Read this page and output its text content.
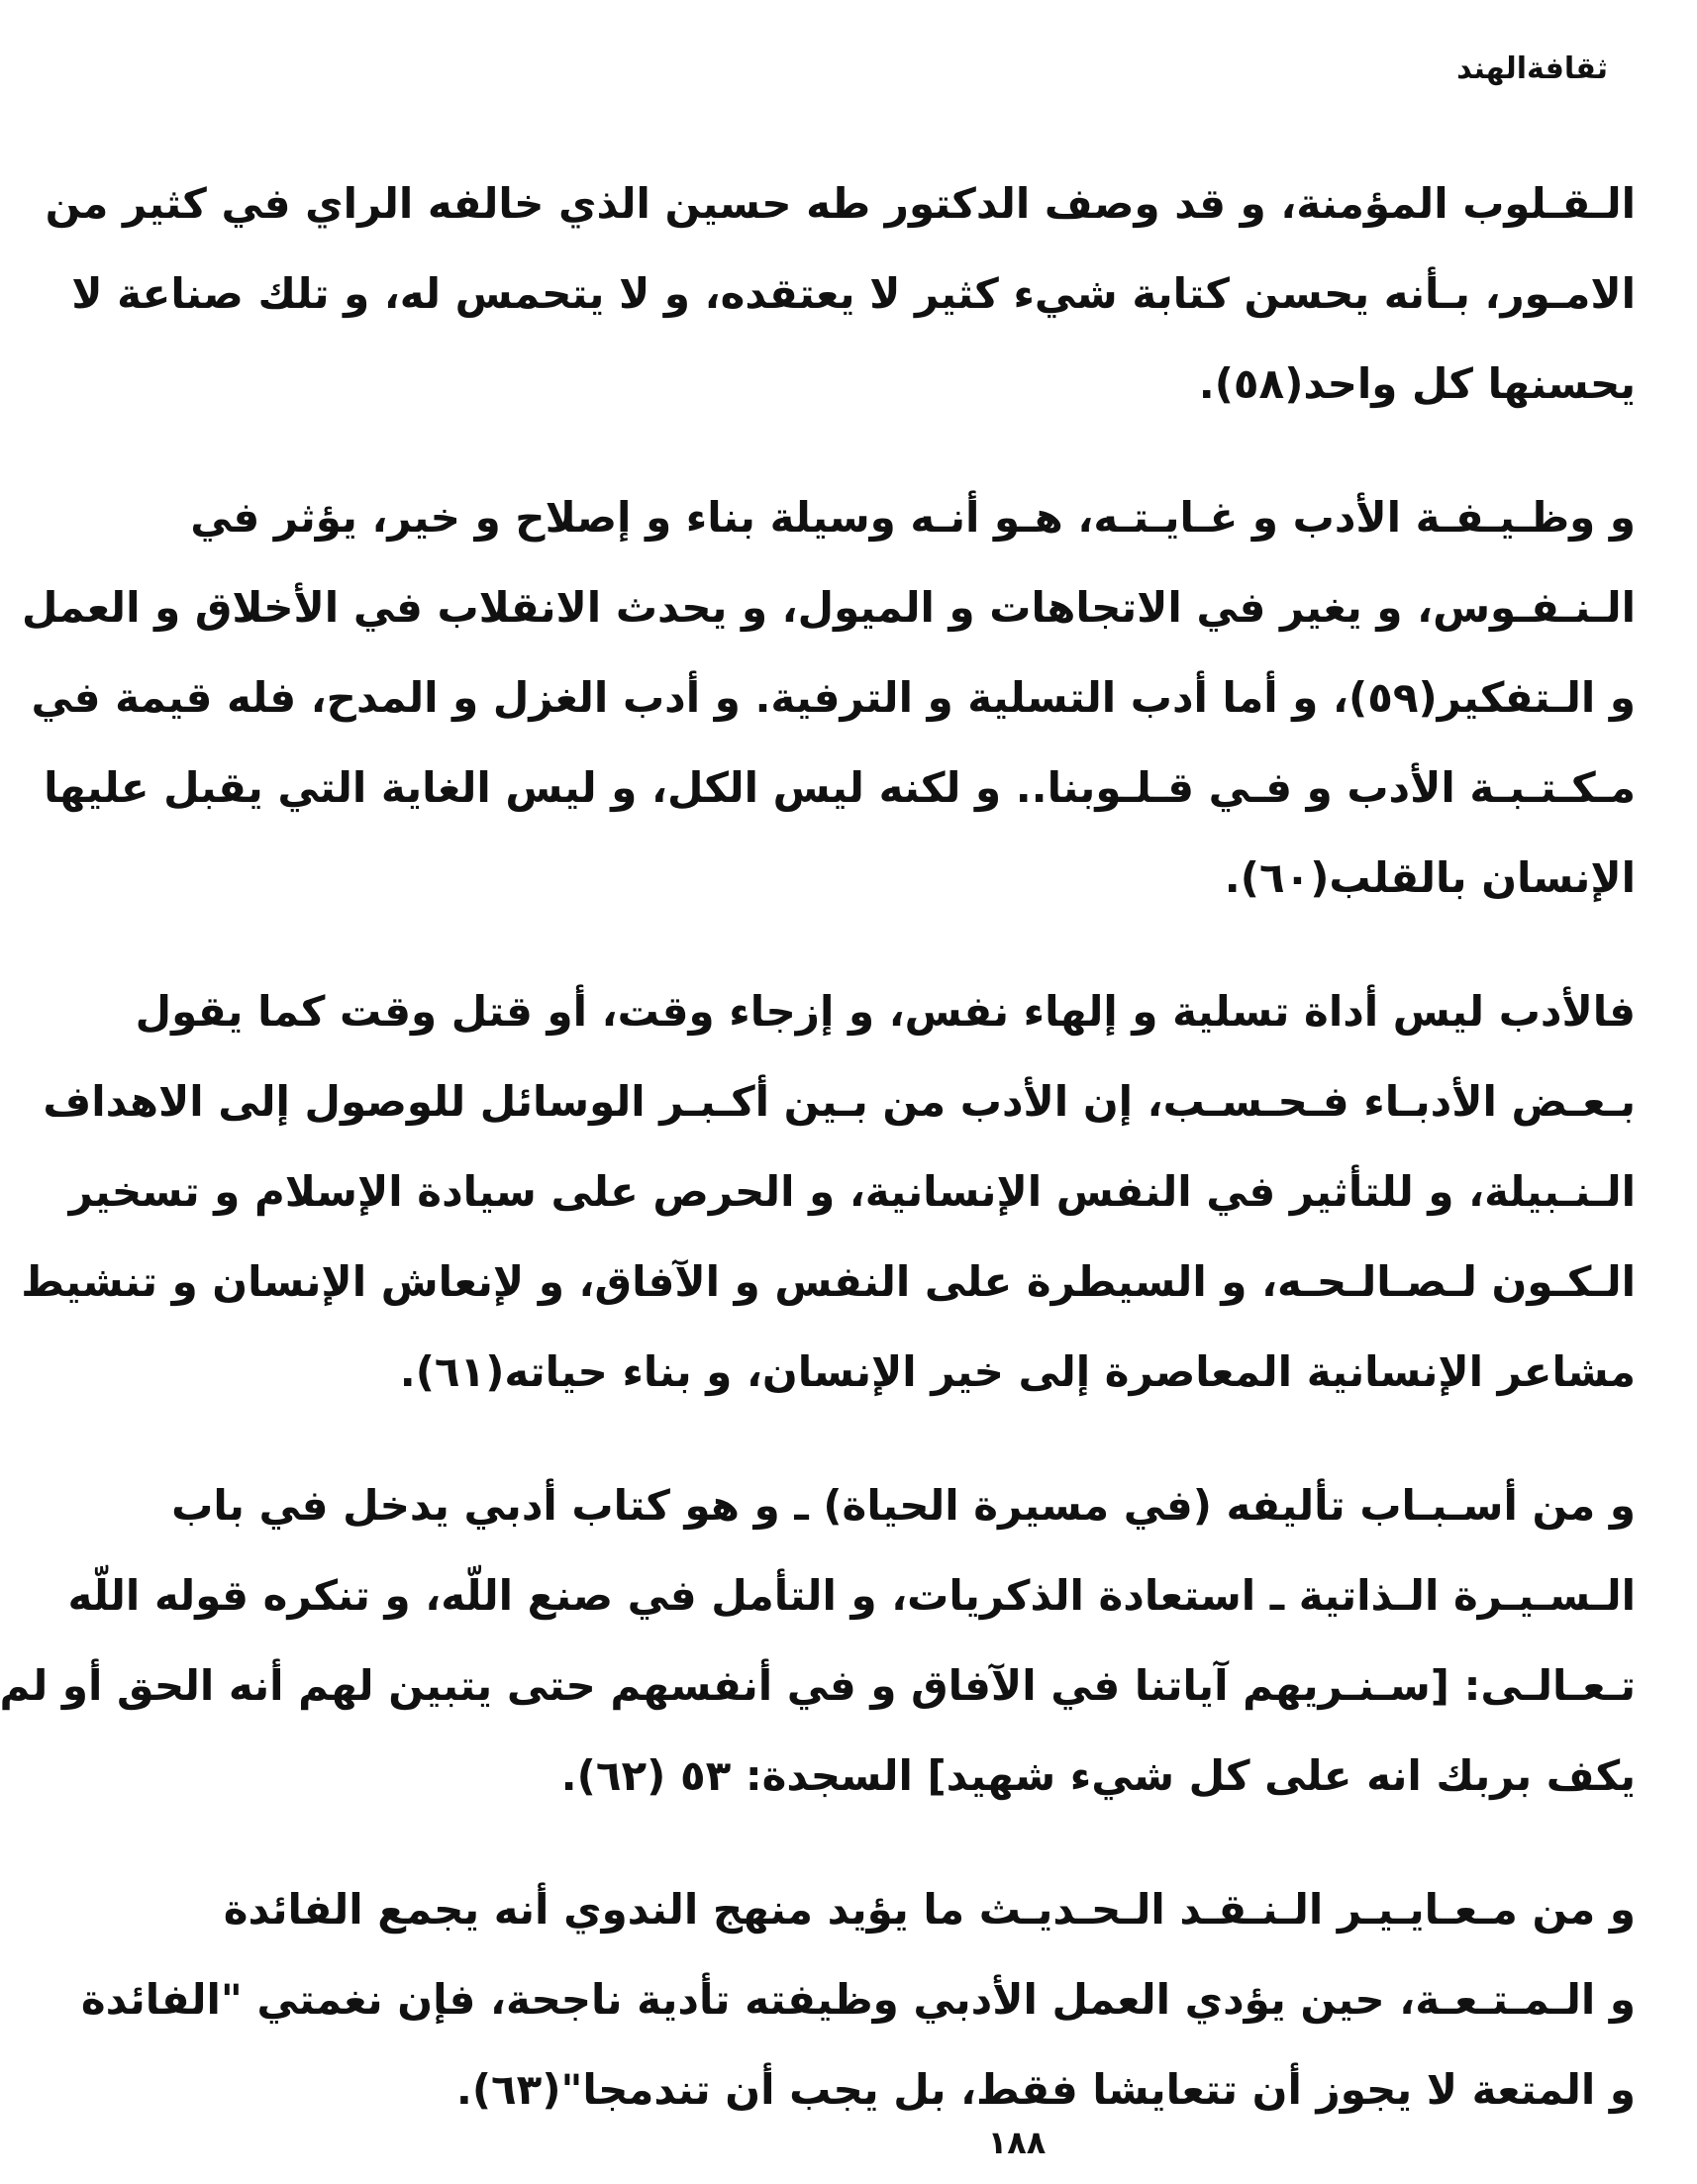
ثقافةالهند

الـقـلوب المؤمنة، و قد وصف الدكتور طه حسين الذي خالفه الراي في كثير من
الامـور، بـأنه يحسن كتابة شيء كثير لا يعتقده، و لا يتحمس له، و تلك صناعة لا
يحسنها كل واحد(٥٨).

و وظـيـفـة الأدب و غـايـتـه، هـو أنـه وسيلة بناء و إصلاح و خير، يؤثر في
الـنـفـوس، و يغير في الاتجاهات و الميول، و يحدث الانقلاب في الأخلاق و العمل
و الـتفكير(٥٩)، و أما أدب التسلية و الترفية. و أدب الغزل و المدح، فله قيمة في
مـكـتـبـة الأدب و فـي قـلـوبنا.. و لكنه ليس الكل، و ليس الغاية التي يقبل عليها
الإنسان بالقلب(٦٠).

فالأدب ليس أداة تسلية و إلهاء نفس، و إزجاء وقت، أو قتل وقت كما يقول
بـعـض الأدبـاء فـحـسـب، إن الأدب من بـين أكـبـر الوسائل للوصول إلى الاهداف
الـنـبيلة، و للتأثير في النفس الإنسانية، و الحرص على سيادة الإسلام و تسخير
الـكـون لـصـالـحـه، و السيطرة على النفس و الآفاق، و لإنعاش الإنسان و تنشيط
مشاعر الإنسانية المعاصرة إلى خير الإنسان، و بناء حياته(٦١).

و من أسـبـاب تأليفه (في مسيرة الحياة) ـ و هو كتاب أدبي يدخل في باب
الـسـيـرة الـذاتية ـ استعادة الذكريات، و التأمل في صنع اللّه، و تنكره قوله اللّه
تـعـالـى: [سـنـريهم آياتنا في الآفاق و في أنفسهم حتى يتبين لهم أنه الحق أو لم
يكف بربك انه على كل شيء شهيد] السجدة: ٥٣ (٦٢).

و من مـعـايـيـر الـنـقـد الـحـديـث ما يؤيد منهج الندوي أنه يجمع الفائدة
و الـمـتـعـة، حين يؤدي العمل الأدبي وظيفته تأدية ناجحة، فإن نغمتي "الفائدة
و المتعة لا يجوز أن تتعايشا فقط، بل يجب أن تندمجا"(٦٣).

١٨٨
